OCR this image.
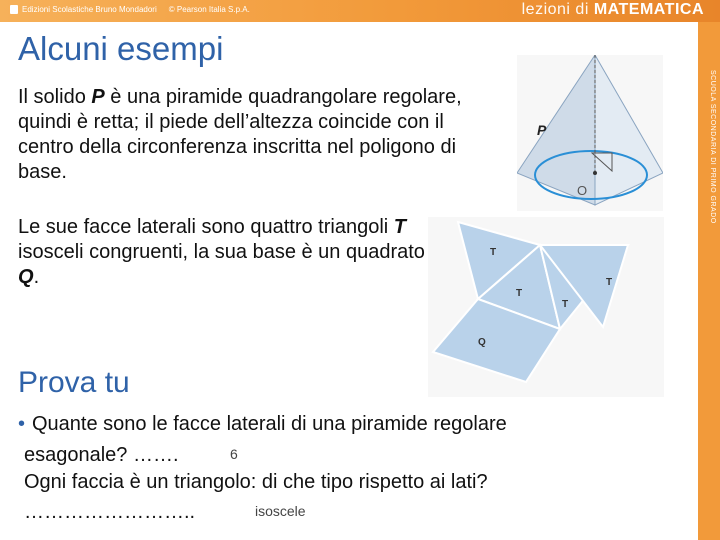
Edizioni Scolastiche Bruno Mondadori © Pearson Italia S.p.A.	lezioni di MATEMATICA
SCUOLA SECONDARIA DI PRIMO GRADO
Alcuni esempi

Il solido P è una piramide quadrangolare regolare, quindi è retta; il piede dell’altezza coincide con il centro della circonferenza inscritta nel poligono di base.

P
O

Le sue facce laterali sono quattro triangoli T isosceli congruenti, la sua base è un quadrato Q.

T
T
T
T
Q
Prova tu
• Quante sono le facce laterali di una piramide regolare
esagonale? …….	6
Ogni faccia è un triangolo: di che tipo rispetto ai lati?
……………………..	isoscele
